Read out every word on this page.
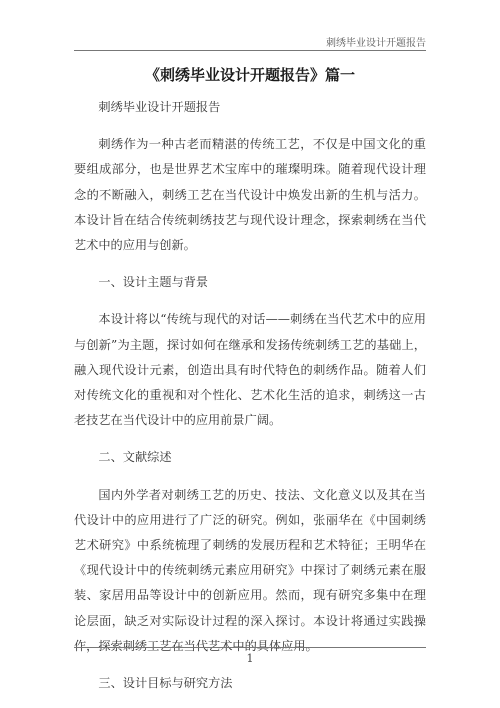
刺绣毕业设计开题报告
《刺绣毕业设计开题报告》篇一

刺绣毕业设计开题报告

刺绣作为一种古老而精湛的传统工艺，不仅是中国文化的重要组成部分，也是世界艺术宝库中的璀璨明珠。随着现代设计理念的不断融入，刺绣工艺在当代设计中焕发出新的生机与活力。本设计旨在结合传统刺绣技艺与现代设计理念，探索刺绣在当代艺术中的应用与创新。

一、设计主题与背景

本设计将以“传统与现代的对话——刺绣在当代艺术中的应用与创新”为主题，探讨如何在继承和发扬传统刺绣工艺的基础上，融入现代设计元素，创造出具有时代特色的刺绣作品。随着人们对传统文化的重视和对个性化、艺术化生活的追求，刺绣这一古老技艺在当代设计中的应用前景广阔。

二、文献综述

国内外学者对刺绣工艺的历史、技法、文化意义以及其在当代设计中的应用进行了广泛的研究。例如，张丽华在《中国刺绣艺术研究》中系统梳理了刺绣的发展历程和艺术特征；王明华在《现代设计中的传统刺绣元素应用研究》中探讨了刺绣元素在服装、家居用品等设计中的创新应用。然而，现有研究多集中在理论层面，缺乏对实际设计过程的深入探讨。本设计将通过实践操作，探索刺绣工艺在当代艺术中的具体应用。

三、设计目标与研究方法

1
